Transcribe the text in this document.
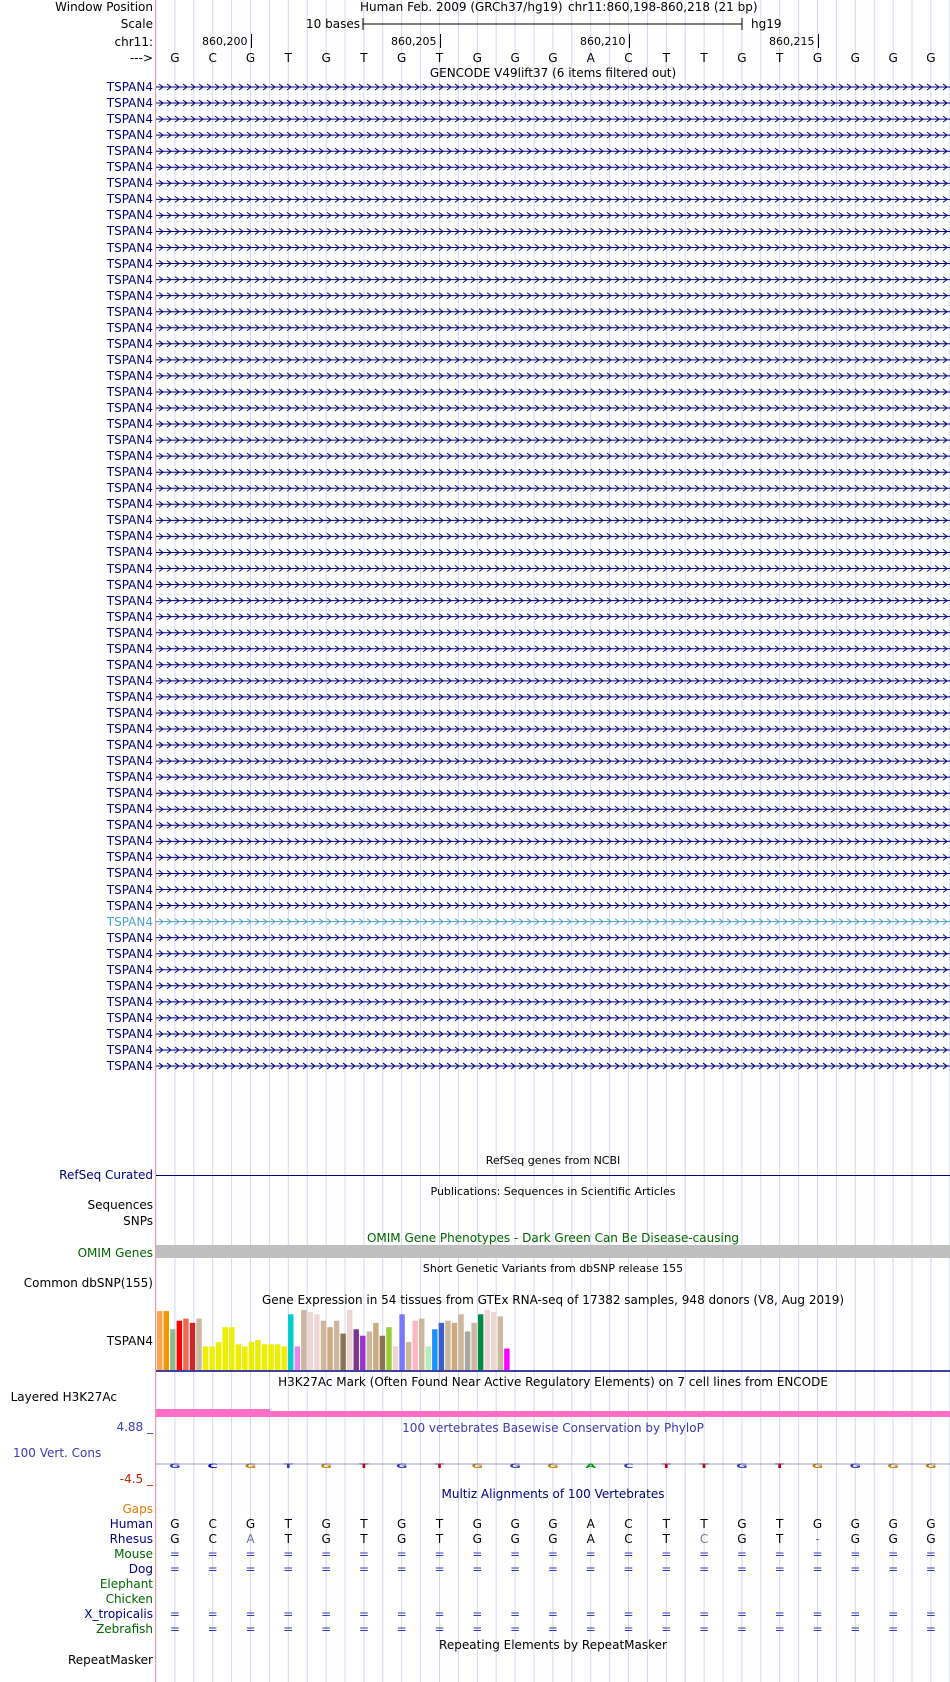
Window Position	Human Feb. 2009 (GRCh37/hg19) chr11:860,198-860,218 (21 bp)
Scale	10 bases	hg19
chr11:	860,200	860,205	860,210	860,215
---> G C G T G T G T G G G A C T	T G T G G G G
GENCODE V49lift37 (6 items filtered out)
TSPAN4
TSPAN4
TSPAN4
TSPAN4
TSPAN4
TSPAN4
TSPAN4
TSPAN4
TSPAN4
TSPAN4
TSPAN4
TSPAN4
TSPAN4
TSPAN4
TSPAN4
TSPAN4
TSPAN4
TSPAN4
TSPAN4
TSPAN4
TSPAN4
TSPAN4
TSPAN4
TSPAN4
TSPAN4
TSPAN4
TSPAN4
TSPAN4
TSPAN4
TSPAN4
TSPAN4
TSPAN4
TSPAN4
TSPAN4
TSPAN4
TSPAN4
TSPAN4
TSPAN4
TSPAN4
TSPAN4
TSPAN4
TSPAN4
TSPAN4
TSPAN4
TSPAN4
TSPAN4
TSPAN4
TSPAN4
TSPAN4
TSPAN4
TSPAN4
TSPAN4
TSPAN4
TSPAN4
TSPAN4
TSPAN4
TSPAN4
TSPAN4
TSPAN4
TSPAN4
TSPAN4
TSPAN4
RefSeq genes from NCBI
RefSeq Curated
Publications: Sequences in Scientific Articles
Sequences
SNPs
OMIM Gene Phenotypes - Dark Green Can Be Disease-causing
OMIM Genes
Short Genetic Variants from dbSNP release 155
Common dbSNP(155)
Gene Expression in 54 tissues from GTEx RNA-seq of 17382 samples, 948 donors (V8, Aug 2019)
TSPAN4
H3K27Ac Mark (Often Found Near Active Regulatory Elements) on 7 cell lines from ENCODE
Layered H3K27Ac
100 vertebrates Basewise Conservation by PhyloP
4.88 _
100 Vert. Cons
-4.5 _
G C G T G T G T G G G A C T T G T G G G G
Multiz Alignments of 100 Vertebrates
Gaps
Human G C G T G T G T G G G A C T	T G T G G G G
Rhesus G C A	T G T G T G G G A C T C G T	-	G G G
Mouse = = = = = = = = = = = = = = = = = = = = =
Dog = = = = = = = = = = = = = = = = = = = = =
Elephant
Chicken
X_tropicalis = = = = = = = = = = = = = = = = = = = = =
Zebrafish = = = = = = = = = = = = = = = = = = = = =
Repeating Elements by RepeatMasker
RepeatMasker
